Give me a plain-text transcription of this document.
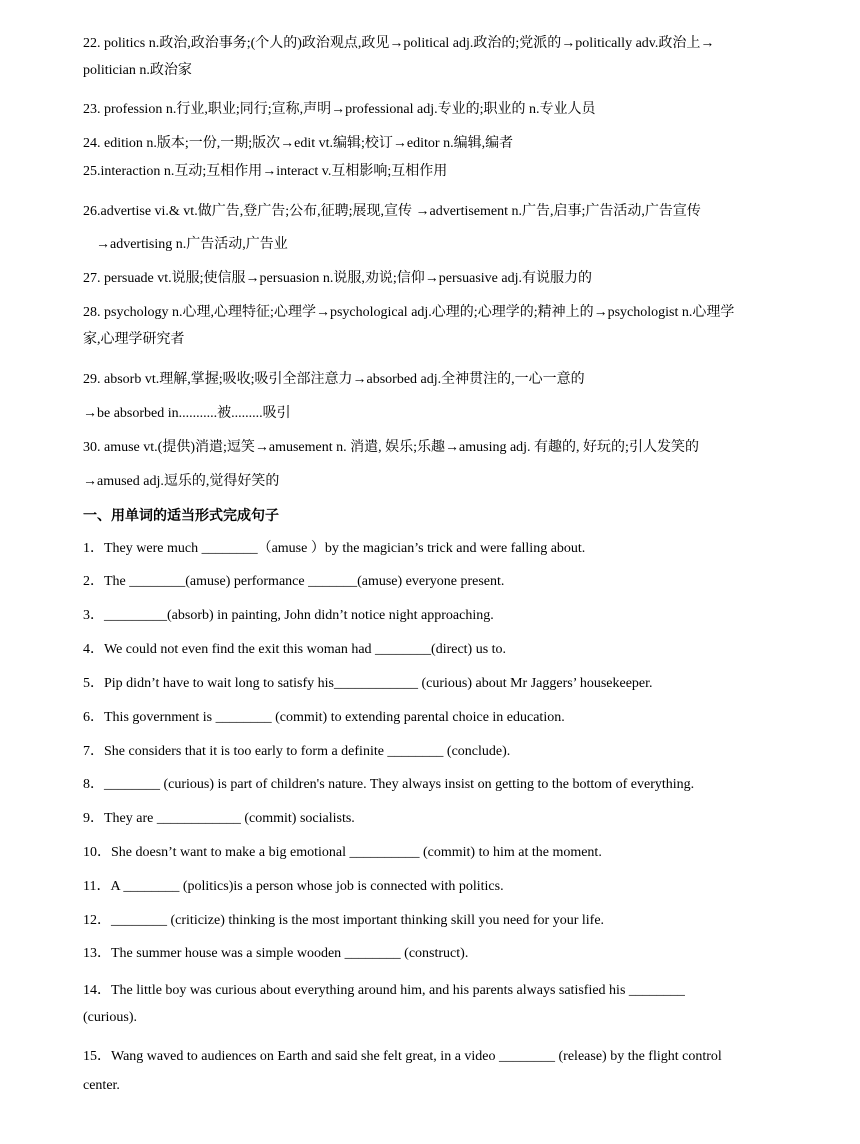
22. politics n.政治,政治事务;(个人的)政治观点,政见→political adj.政治的;党派的→politically adv.政治上→
politician n.政治家
23. profession n.行业,职业;同行;宣称,声明→professional adj.专业的;职业的 n.专业人员
24. edition n.版本;一份,一期;版次→edit vt.编辑;校订→editor n.编辑,编者
25.interaction n.互动;互相作用→interact v.互相影响;互相作用
26.advertise vi.& vt.做广告,登广告;公布,征聘;展现,宣传 →advertisement n.广告,启事;广告活动,广告宣传
→advertising n.广告活动,广告业
27. persuade vt.说服;使信服→persuasion n.说服,劝说;信仰→persuasive adj.有说服力的
28. psychology n.心理,心理特征;心理学→psychological adj.心理的;心理学的;精神上的→psychologist n.心理学
家,心理学研究者
29. absorb vt.理解,掌握;吸收;吸引全部注意力→absorbed adj.全神贯注的,一心一意的
→be absorbed in...........被.........吸引
30. amuse vt.(提供)消遣;逗笑→amusement n. 消遣, 娱乐;乐趣→amusing adj. 有趣的, 好玩的;引人发笑的
→amused adj.逗乐的,觉得好笑的
一、用单词的适当形式完成句子
1．They were much ________（amuse ）by the magician’s trick and were falling about.
2．The ________(amuse) performance _______(amuse) everyone present.
3．_________(absorb) in painting, John didn’t notice night approaching.
4．We could not even find the exit this woman had ________(direct) us to.
5．Pip didn’t have to wait long to satisfy his____________ (curious) about Mr Jaggers’ housekeeper.
6．This government is ________ (commit) to extending parental choice in education.
7．She considers that it is too early to form a definite ________ (conclude).
8．________ (curious) is part of children's nature. They always insist on getting to the bottom of everything.
9．They are ____________ (commit) socialists.
10．She doesn’t want to make a big emotional __________ (commit) to him at the moment.
11．A ________ (politics)is a person whose job is connected with politics.
12．________ (criticize) thinking is the most important thinking skill you need for your life.
13．The summer house was a simple wooden ________ (construct).
14．The little boy was curious about everything around him, and his parents always satisfied his ________
(curious).
15．Wang waved to audiences on Earth and said she felt great, in a video ________ (release) by the flight control
center.
